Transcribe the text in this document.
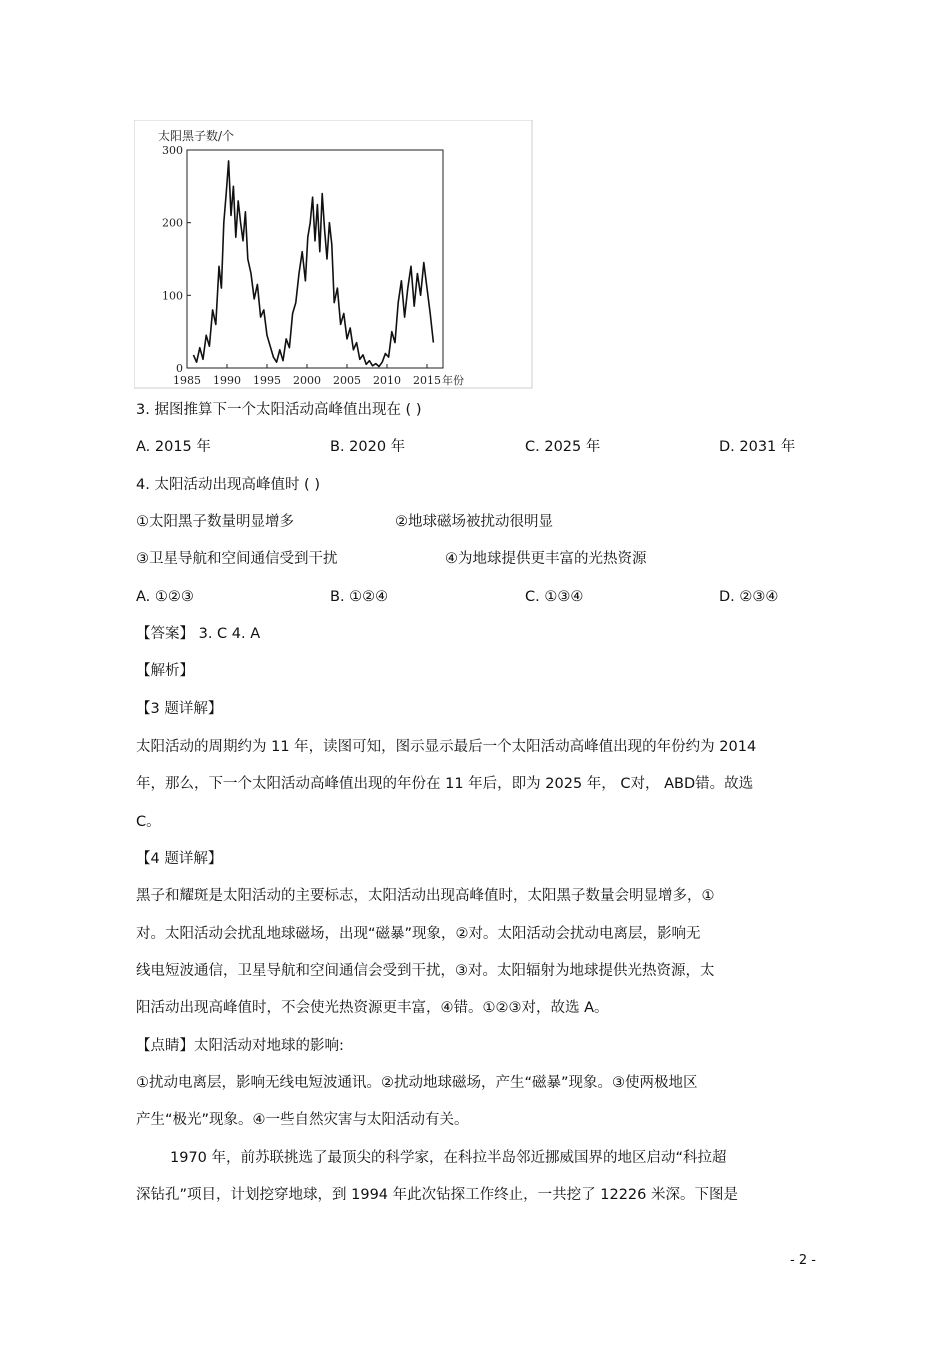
太阳黑子数/个
300
200
100
0
1985 1990 1995 2000 2005 2010 2015 年份
3. 据图推算下一个太阳活动高峰值出现在 ( )
A. 2015 年	B. 2020 年	C. 2025 年	D. 2031 年
4. 太阳活动出现高峰值时 ( )
①太阳黑子数量明显增多	②地球磁场被扰动很明显
③卫星导航和空间通信受到干扰	④为地球提供更丰富的光热资源
A. ①②③	B. ①②④	C. ①③④	D. ②③④
【答案】 3. C 4. A
【解析】
【3 题详解】
太阳活动的周期约为 11 年，读图可知，图示显示最后一个太阳活动高峰值出现的年份约为 2014
年，那么，下一个太阳活动高峰值出现的年份在 11 年后，即为 2025 年， C对， ABD错。故选
C。
【4 题详解】
黑子和耀斑是太阳活动的主要标志，太阳活动出现高峰值时，太阳黑子数量会明显增多，①
对。太阳活动会扰乱地球磁场，出现“磁暴”现象，②对。太阳活动会扰动电离层，影响无
线电短波通信，卫星导航和空间通信会受到干扰，③对。太阳辐射为地球提供光热资源，太
阳活动出现高峰值时，不会使光热资源更丰富，④错。①②③对，故选 A。
【点睛】太阳活动对地球的影响:
①扰动电离层，影响无线电短波通讯。②扰动地球磁场，产生“磁暴”现象。③使两极地区
产生“极光”现象。④一些自然灾害与太阳活动有关。
1970 年，前苏联挑选了最顶尖的科学家，在科拉半岛邻近挪威国界的地区启动“科拉超
深钻孔”项目，计划挖穿地球，到 1994 年此次钻探工作终止，一共挖了 12226 米深。下图是
- 2 -
